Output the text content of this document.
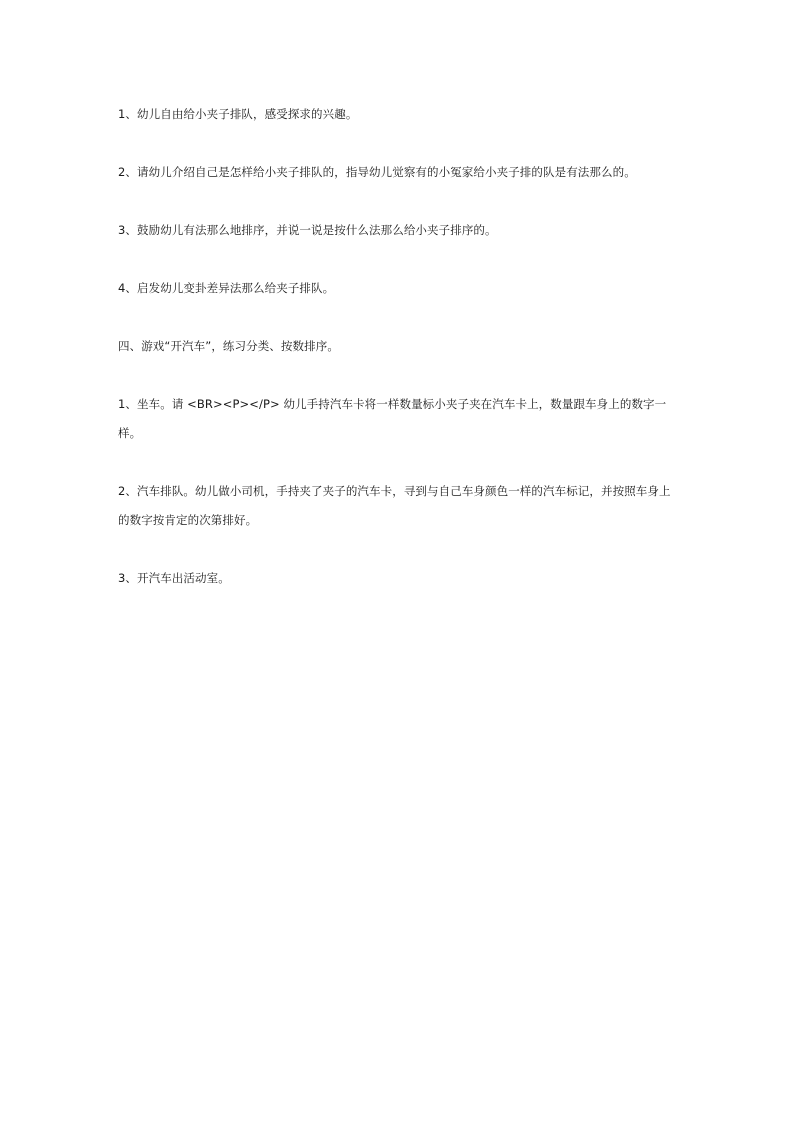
1、幼儿自由给小夹子排队，感受探求的兴趣。

2、请幼儿介绍自己是怎样给小夹子排队的，指导幼儿觉察有的小冤家给小夹子排的队是有法那么的。

3、鼓励幼儿有法那么地排序，并说一说是按什么法那么给小夹子排序的。

4、启发幼儿变卦差异法那么给夹子排队。

四、游戏“开汽车”，练习分类、按数排序。

1、坐车。请 <BR><P></P> 幼儿手持汽车卡将一样数量标小夹子夹在汽车卡上，数量跟车身上的数字一样。

2、汽车排队。幼儿做小司机，手持夹了夹子的汽车卡，寻到与自己车身颜色一样的汽车标记，并按照车身上的数字按肯定的次第排好。

3、开汽车出活动室。
